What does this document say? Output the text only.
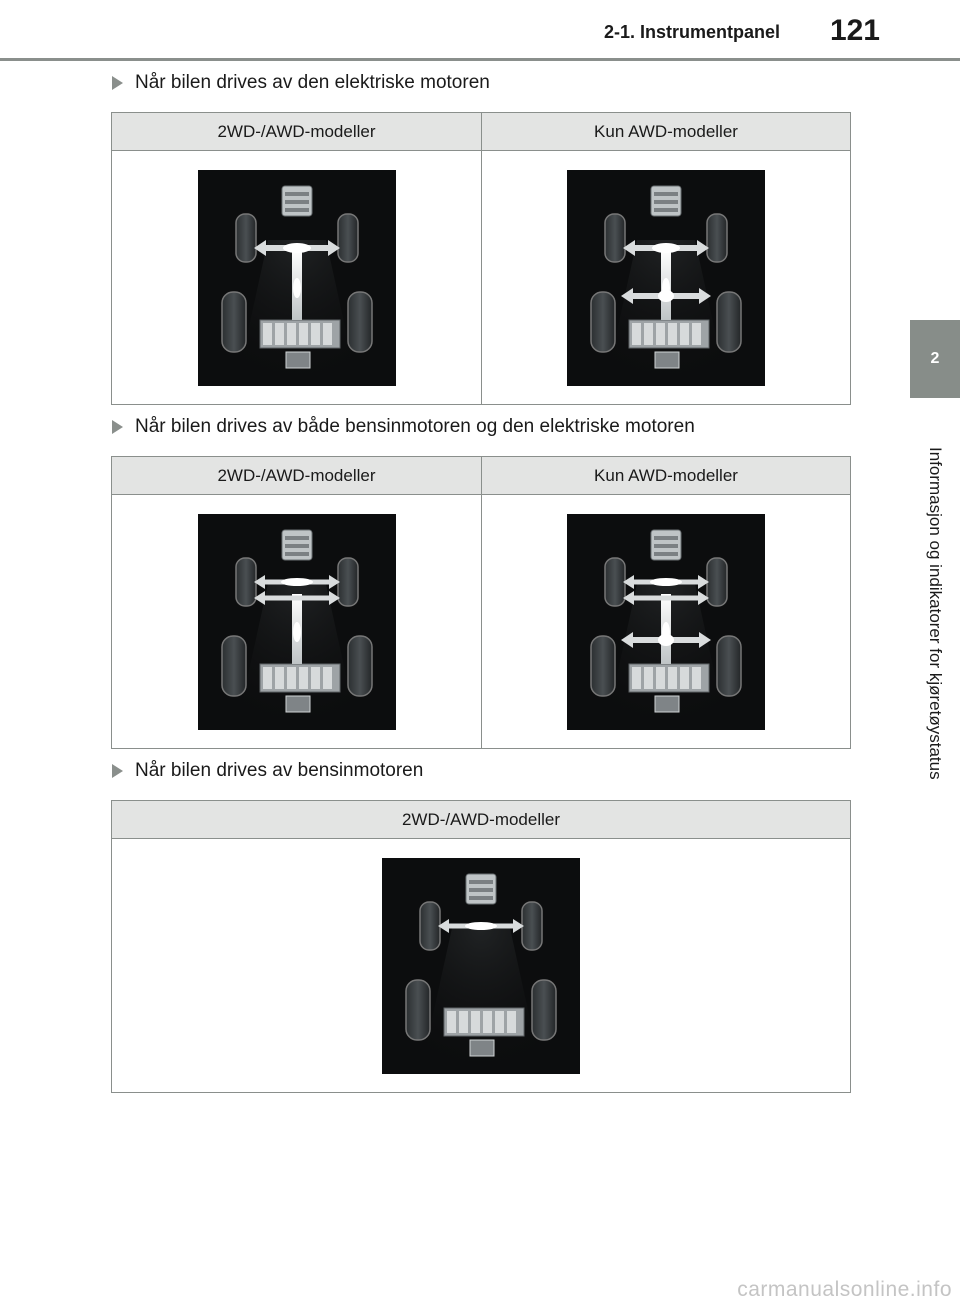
2-1. Instrumentpanel 121
2
Informasjon og indikatorer for kjøretøystatus
Når bilen drives av den elektriske motoren
2WD-/AWD-modeller	Kun AWD-modeller

Når bilen drives av både bensinmotoren og den elektriske motoren
2WD-/AWD-modeller	Kun AWD-modeller

Når bilen drives av bensinmotoren
2WD-/AWD-modeller

carmanualsonline.info
